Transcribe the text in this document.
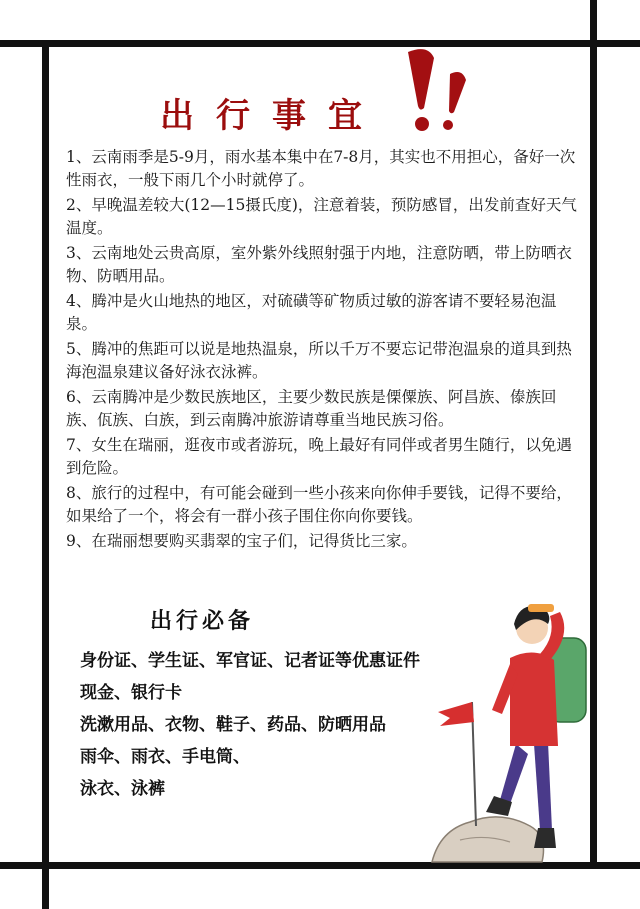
出行事宜

1、云南雨季是5-9月，雨水基本集中在7-8月，其实也不用担心，备好一次性雨衣，一般下雨几个小时就停了。

2、早晚温差较大(12—15摄氏度)，注意着装，预防感冒，出发前查好天气温度。

3、云南地处云贵高原，室外紫外线照射强于内地，注意防晒，带上防晒衣物、防晒用品。

4、腾冲是火山地热的地区，对硫磺等矿物质过敏的游客请不要轻易泡温泉。

5、腾冲的焦距可以说是地热温泉，所以千万不要忘记带泡温泉的道具到热海泡温泉建议备好泳衣泳裤。

6、云南腾冲是少数民族地区，主要少数民族是傈僳族、阿昌族、傣族回族、佤族、白族，到云南腾冲旅游请尊重当地民族习俗。

7、女生在瑞丽，逛夜市或者游玩，晚上最好有同伴或者男生随行，以免遇到危险。

8、旅行的过程中，有可能会碰到一些小孩来向你伸手要钱，记得不要给，如果给了一个，将会有一群小孩子围住你向你要钱。

9、在瑞丽想要购买翡翠的宝子们，记得货比三家。

出行必备
身份证、学生证、军官证、记者证等优惠证件
现金、银行卡
洗漱用品、衣物、鞋子、药品、防晒用品
雨伞、雨衣、手电筒、
泳衣、泳裤
